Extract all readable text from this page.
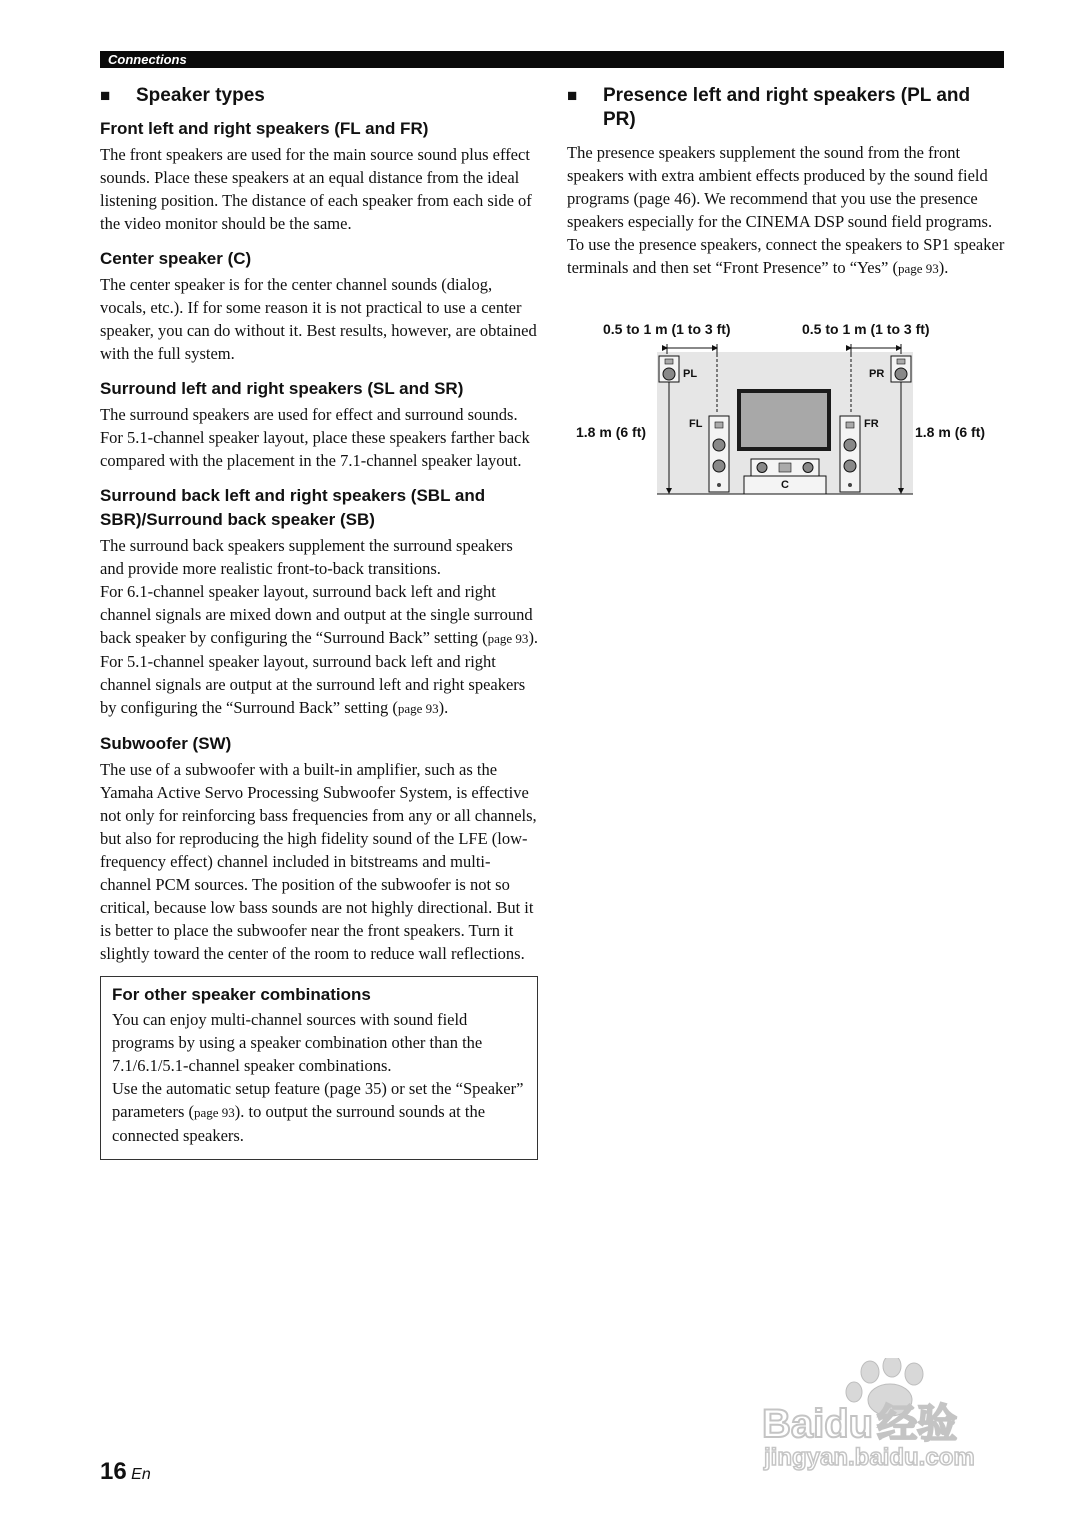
Connections
■	Speaker types
Front left and right speakers (FL and FR)

The front speakers are used for the main source sound plus effect sounds. Place these speakers at an equal distance from the ideal listening position. The distance of each speaker from each side of the video monitor should be the same.

Center speaker (C)

The center speaker is for the center channel sounds (dialog, vocals, etc.). If for some reason it is not practical to use a center speaker, you can do without it. Best results, however, are obtained with the full system.

Surround left and right speakers (SL and SR)

The surround speakers are used for effect and surround sounds.

For 5.1-channel speaker layout, place these speakers farther back compared with the placement in the 7.1-channel speaker layout.

Surround back left and right speakers (SBL and SBR)/Surround back speaker (SB)

The surround back speakers supplement the surround speakers and provide more realistic front-to-back transitions.

For 6.1-channel speaker layout, surround back left and right channel signals are mixed down and output at the single surround back speaker by configuring the “Surround Back” setting (page 93).

For 5.1-channel speaker layout, surround back left and right channel signals are output at the surround left and right speakers by configuring the “Surround Back” setting (page 93).

Subwoofer (SW)

The use of a subwoofer with a built-in amplifier, such as the Yamaha Active Servo Processing Subwoofer System, is effective not only for reinforcing bass frequencies from any or all channels, but also for reproducing the high fidelity sound of the LFE (low-frequency effect) channel included in bitstreams and multi-channel PCM sources. The position of the subwoofer is not so critical, because low bass sounds are not highly directional. But it is better to place the subwoofer near the front speakers. Turn it slightly toward the center of the room to reduce wall reflections.

For other speaker combinations

You can enjoy multi-channel sources with sound field programs by using a speaker combination other than the 7.1/6.1/5.1-channel speaker combinations.

Use the automatic setup feature (page 35) or set the “Speaker” parameters (page 93). to output the surround sounds at the connected speakers.

■	Presence left and right speakers (PL and PR)

The presence speakers supplement the sound from the front speakers with extra ambient effects produced by the sound field programs (page 46). We recommend that you use the presence speakers especially for the CINEMA DSP sound field programs. To use the presence speakers, connect the speakers to SP1 speaker terminals and then set “Front Presence” to “Yes” (page 93).

0.5 to 1 m (1 to 3 ft)	0.5 to 1 m (1 to 3 ft)
1.8 m (6 ft)	1.8 m (6 ft)
PL	PR
FL	FR
C
16 En
Baidu 经验
jingyan.baidu.com
